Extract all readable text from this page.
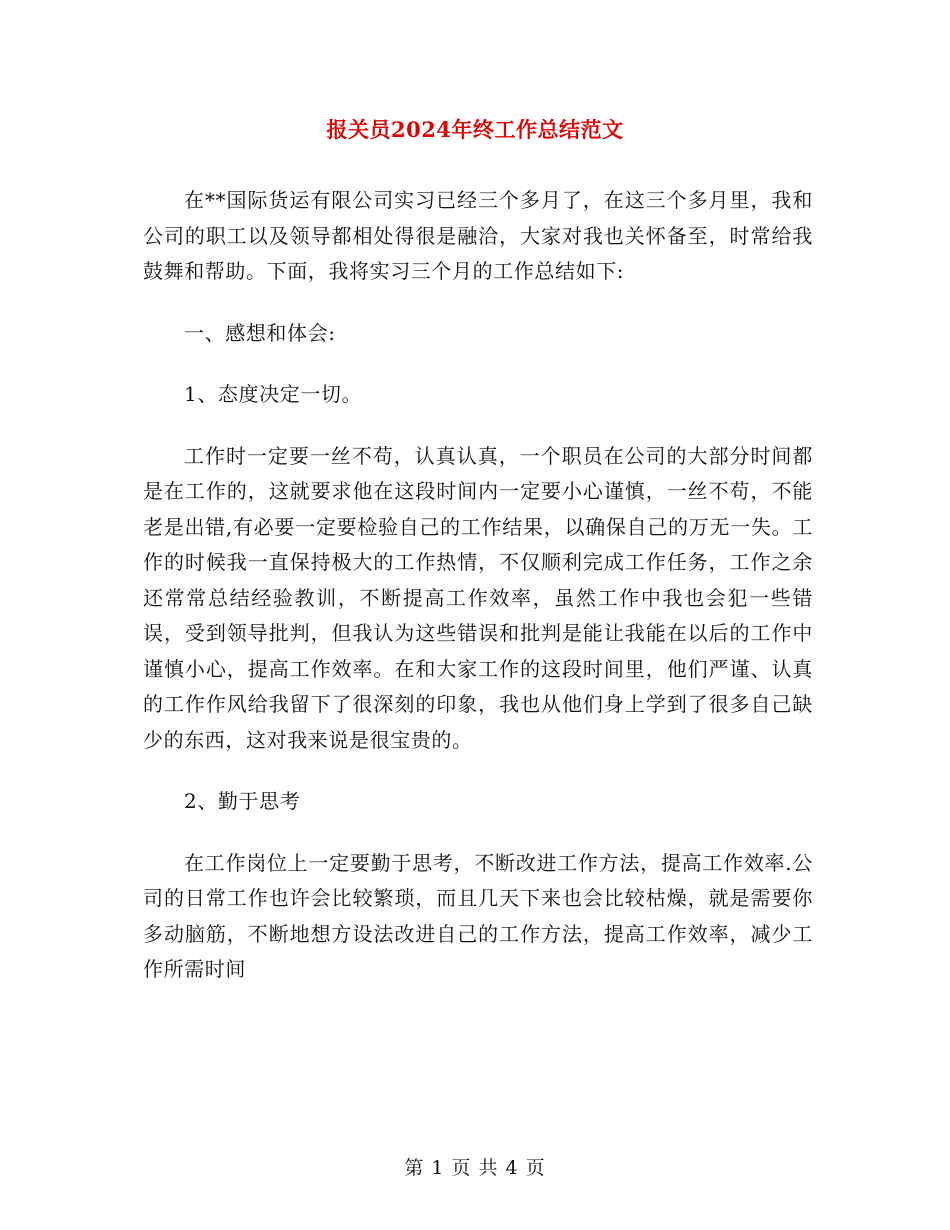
报关员2024年终工作总结范文

在**国际货运有限公司实习已经三个多月了，在这三个多月里，我和公司的职工以及领导都相处得很是融洽，大家对我也关怀备至，时常给我鼓舞和帮助。下面，我将实习三个月的工作总结如下:

一、感想和体会:

1、态度决定一切。

工作时一定要一丝不苟，认真认真，一个职员在公司的大部分时间都是在工作的，这就要求他在这段时间内一定要小心谨慎，一丝不苟，不能老是出错,有必要一定要检验自己的工作结果，以确保自己的万无一失。工作的时候我一直保持极大的工作热情，不仅顺利完成工作任务，工作之余还常常总结经验教训，不断提高工作效率，虽然工作中我也会犯一些错误，受到领导批判，但我认为这些错误和批判是能让我能在以后的工作中谨慎小心，提高工作效率。在和大家工作的这段时间里，他们严谨、认真的工作作风给我留下了很深刻的印象，我也从他们身上学到了很多自己缺少的东西，这对我来说是很宝贵的。

2、勤于思考

在工作岗位上一定要勤于思考，不断改进工作方法，提高工作效率.公司的日常工作也许会比较繁琐，而且几天下来也会比较枯燥，就是需要你多动脑筋，不断地想方设法改进自己的工作方法，提高工作效率，减少工作所需时间

第 1 页 共 4 页
